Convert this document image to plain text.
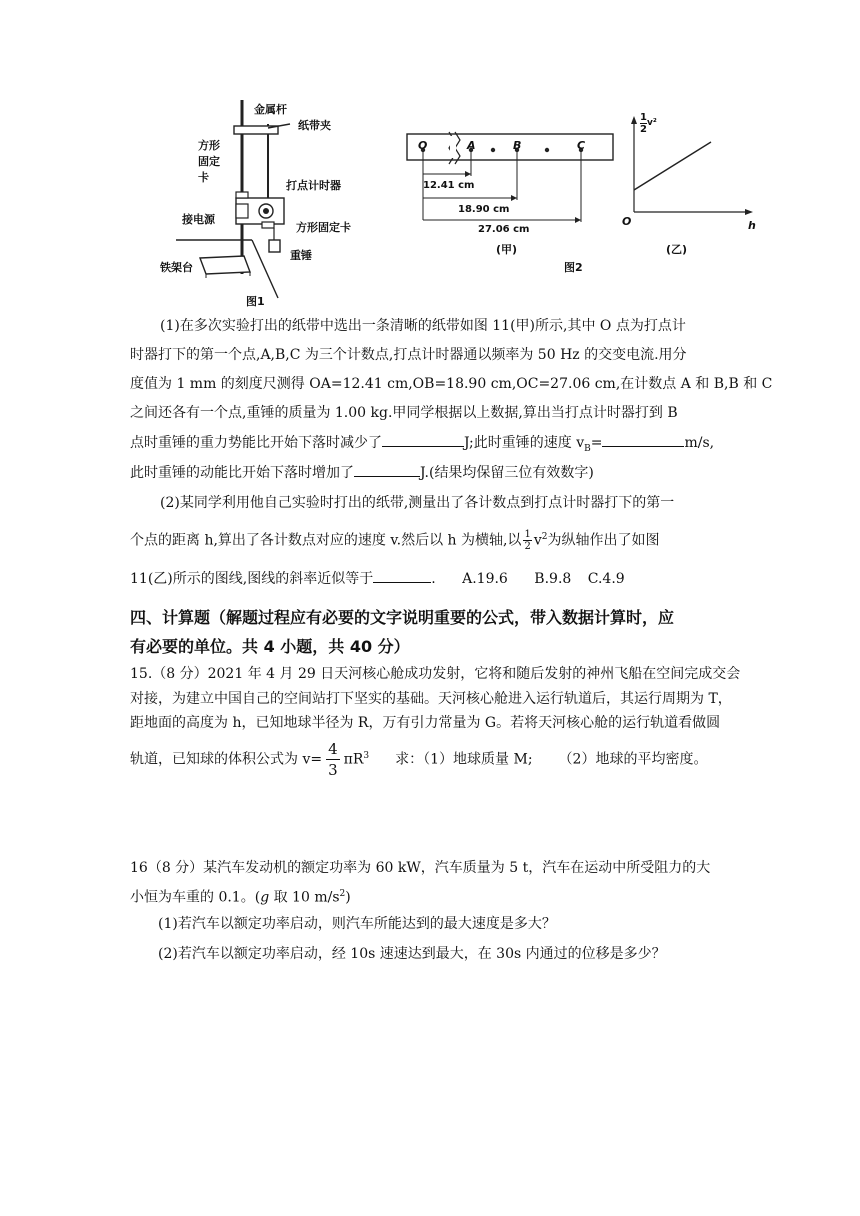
金属杆
纸带夹
方形固定卡
打点计时器
接电源
方形固定卡
重锤
铁架台
图1
O	A	B	C
12.41 cm
18.90 cm
27.06 cm
(甲)
图2
$\frac{1}{2} v^2$
O	h
(乙)
(1)在多次实验打出的纸带中选出一条清晰的纸带如图 11(甲)所示,其中 O 点为打点计
时器打下的第一个点,A,B,C 为三个计数点,打点计时器通以频率为 50 Hz 的交变电流.用分
度值为 1 mm 的刻度尺测得 OA=12.41 cm,OB=18.90 cm,OC=27.06 cm,在计数点 A 和 B,B 和 C
之间还各有一个点,重锤的质量为 1.00 kg.甲同学根据以上数据,算出当打点计时器打到 B
点时重锤的重力势能比开始下落时减少了	J;此时重锤的速度 $v_B=$	m/s,
此时重锤的动能比开始下落时增加了	J.(结果均保留三位有效数字)
(2)某同学利用他自己实验时打出的纸带,测量出了各计数点到打点计时器打下的第一
个点的距离 h,算出了各计数点对应的速度 v.然后以 h 为横轴,以 $\frac{1}{2} v^2$为纵轴作出了如图
11(乙)所示的图线,图线的斜率近似等于	. A.19.6 B.9.8 C.4.9
四、计算题（解题过程应有必要的文字说明重要的公式，带入数据计算时，应
有必要的单位。共 4 小题，共 40 分）
15.（8 分）2021 年 4 月 29 日天河核心舱成功发射，它将和随后发射的神州飞船在空间完成交会
对接，为建立中国自己的空间站打下坚实的基础。天河核心舱进入运行轨道后，其运行周期为 T，
距地面的高度为 h，已知地球半径为 R，万有引力常量为 G。若将天河核心舱的运行轨道看做圆
轨道，已知球的体积公式为 $v= \frac{4}{3} \pi R^3$ 求：（1）地球质量 M; （2）地球的平均密度。
16（8 分）某汽车发动机的额定功率为 60 kW，汽车质量为 5 t，汽车在运动中所受阻力的大
小恒为车重的 0.1。(g 取 10 $m/s^2$)
(1)若汽车以额定功率启动，则汽车所能达到的最大速度是多大？
(2)若汽车以额定功率启动，经 10s 速速达到最大，在 30s 内通过的位移是多少？
